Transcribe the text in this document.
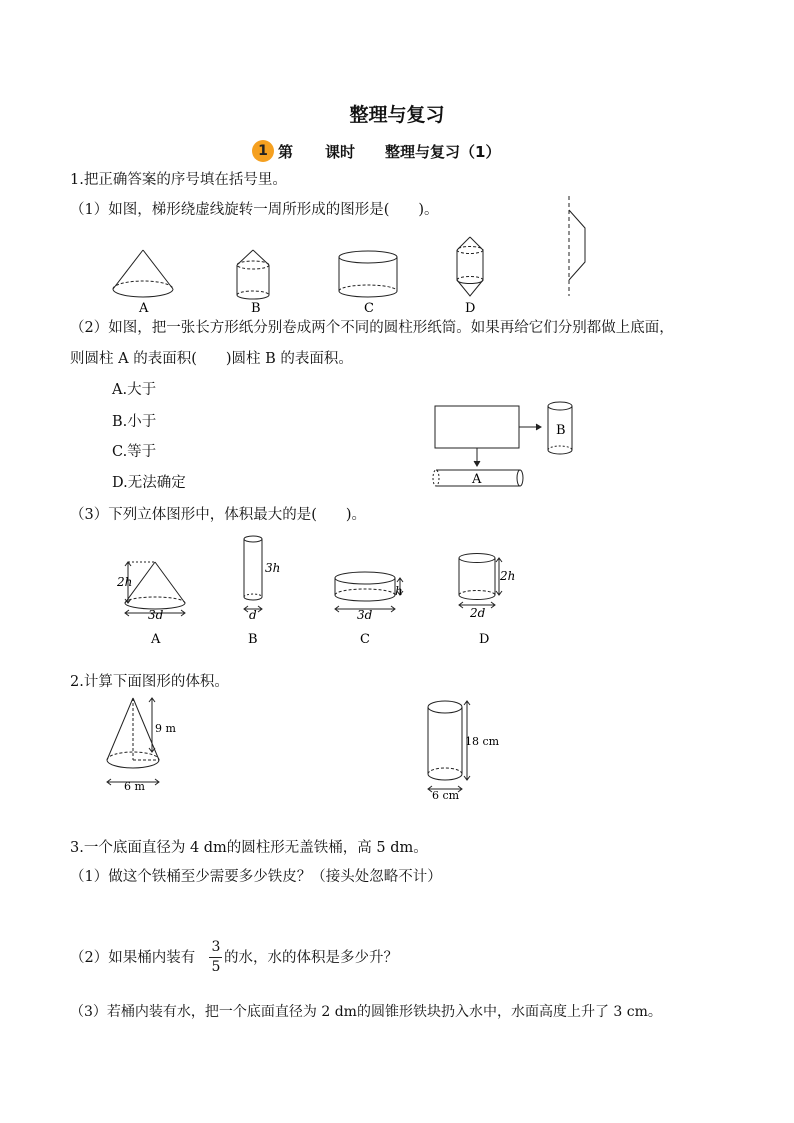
整理与复习
1 第 课时 整理与复习（1）
1.把正确答案的序号填在括号里。
（1）如图，梯形绕虚线旋转一周所形成的图形是(　　)。
A	B	C	D
（2）如图，把一张长方形纸分别卷成两个不同的圆柱形纸筒。如果再给它们分别都做上底面，
则圆柱 A 的表面积(　　)圆柱 B 的表面积。
A.大于
B.小于
C.等于
D.无法确定
B
A
（3）下列立体图形中，体积最大的是(　　)。
2h
3d
3h
d
h
3d
2h
2d
A	B	C	D
2.计算下面图形的体积。
9 m
6 m
18 cm
6 cm
3.一个底面直径为 4 dm的圆柱形无盖铁桶，高 5 dm。
（1）做这个铁桶至少需要多少铁皮？（接头处忽略不计）
（2）如果桶内装有
3
5
的水，水的体积是多少升？
（3）若桶内装有水，把一个底面直径为 2 dm的圆锥形铁块扔入水中，水面高度上升了 3 cm。
